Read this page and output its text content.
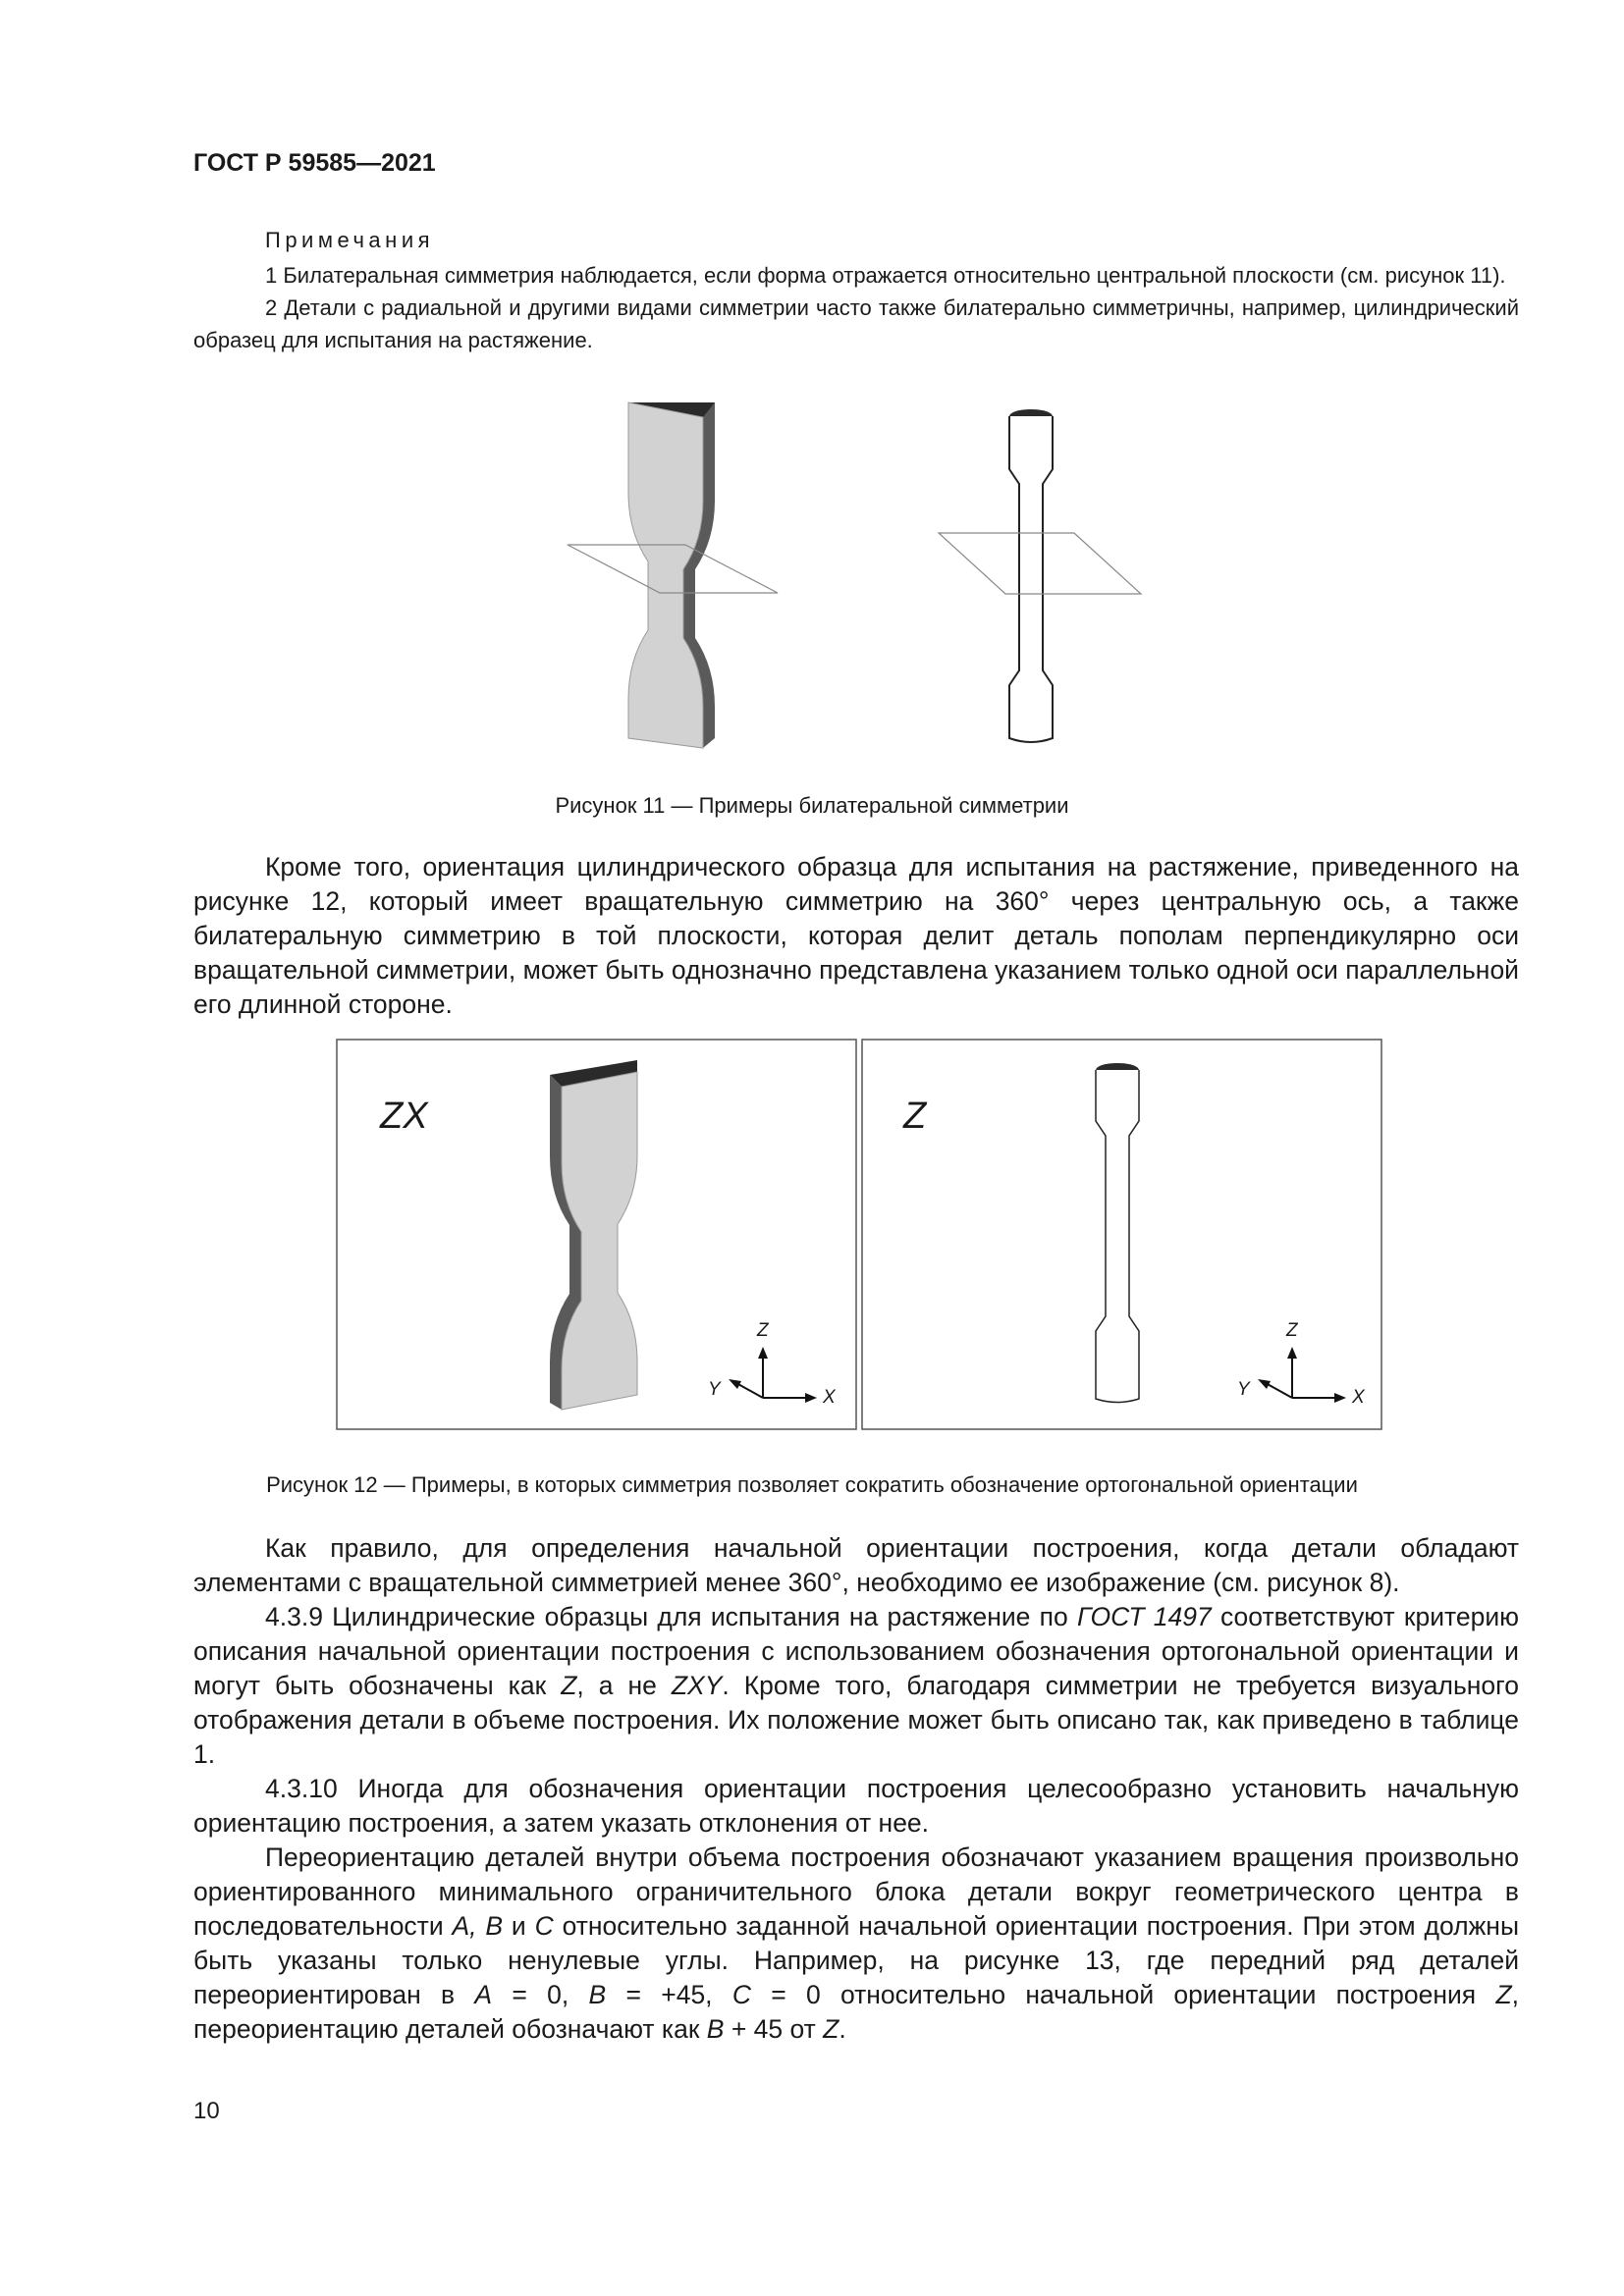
ГОСТ Р 59585—2021
Примечания

1 Билатеральная симметрия наблюдается, если форма отражается относительно центральной плоскости (см. рисунок 11).

2 Детали с радиальной и другими видами симметрии часто также билатерально симметричны, например, цилиндрический образец для испытания на растяжение.

Рисунок 11 — Примеры билатеральной симметрии

Кроме того, ориентация цилиндрического образца для испытания на растяжение, приведенного на рисунке 12, который имеет вращательную симметрию на 360° через центральную ось, а также билатеральную симметрию в той плоскости, которая делит деталь пополам перпендикулярно оси вращательной симметрии, может быть однозначно представлена указанием только одной оси параллельной его длинной стороне.

ZX	Z
Z
Y	X
Z
Y	X
Рисунок 12 — Примеры, в которых симметрия позволяет сократить обозначение ортогональной ориентации

Как правило, для определения начальной ориентации построения, когда детали обладают элементами с вращательной симметрией менее 360°, необходимо ее изображение (см. рисунок 8).

4.3.9 Цилиндрические образцы для испытания на растяжение по ГОСТ 1497 соответствуют критерию описания начальной ориентации построения с использованием обозначения ортогональной ориентации и могут быть обозначены как Z, а не ZXY. Кроме того, благодаря симметрии не требуется визуального отображения детали в объеме построения. Их положение может быть описано так, как приведено в таблице 1.

4.3.10 Иногда для обозначения ориентации построения целесообразно установить начальную ориентацию построения, а затем указать отклонения от нее.

Переориентацию деталей внутри объема построения обозначают указанием вращения произвольно ориентированного минимального ограничительного блока детали вокруг геометрического центра в последовательности А, В и С относительно заданной начальной ориентации построения. При этом должны быть указаны только ненулевые углы. Например, на рисунке 13, где передний ряд деталей переориентирован в А = 0, В = +45, С = 0 относительно начальной ориентации построения Z, переориентацию деталей обозначают как В + 45 от Z.

10
